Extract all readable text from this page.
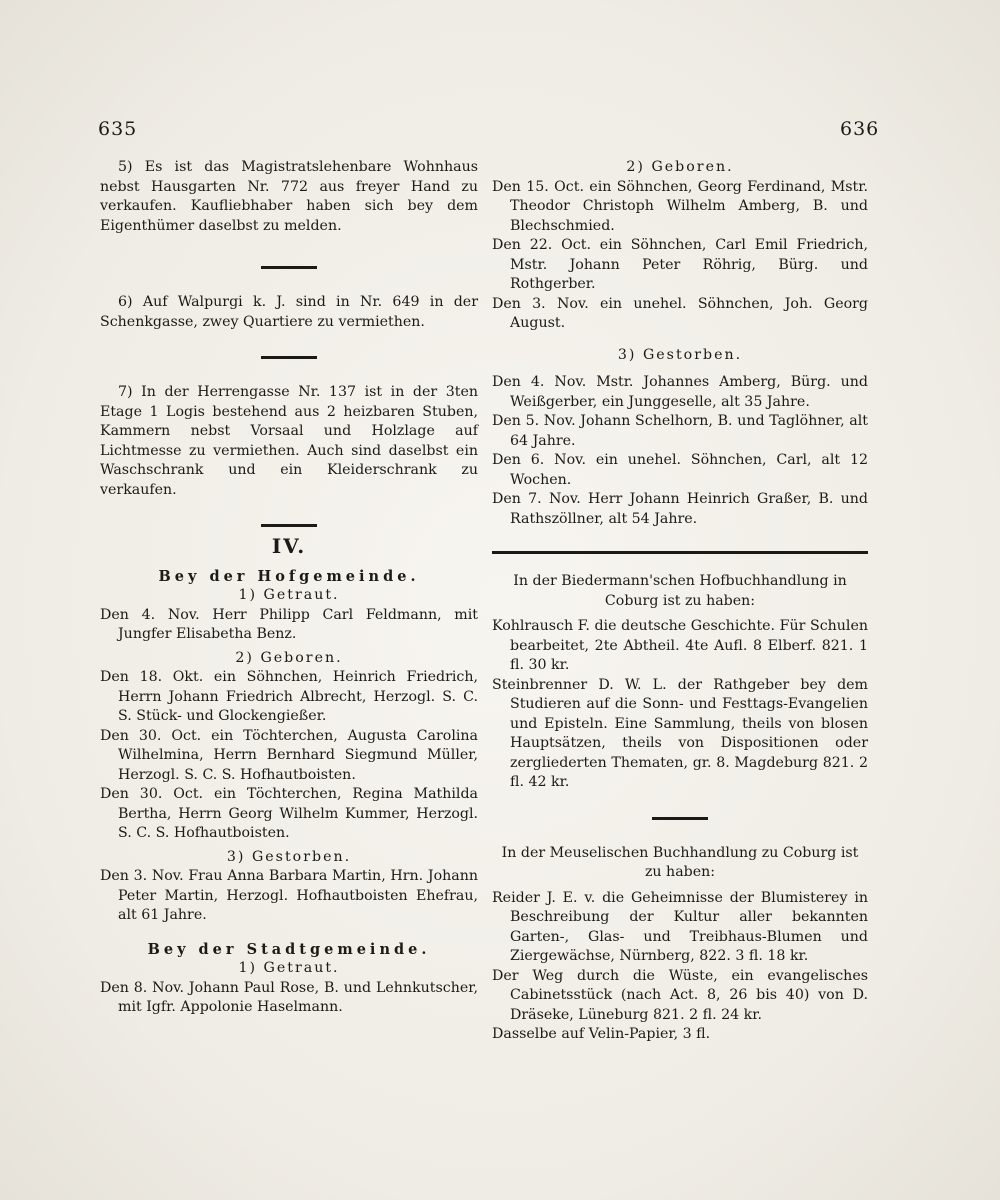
635	636

5) Es ist das Magistratslehenbare Wohnhaus nebst Hausgarten Nr. 772 aus freyer Hand zu verkaufen. Kaufliebhaber haben sich bey dem Eigenthümer daselbst zu melden.

6) Auf Walpurgi k. J. sind in Nr. 649 in der Schenkgasse, zwey Quartiere zu vermiethen.

7) In der Herrengasse Nr. 137 ist in der 3ten Etage 1 Logis bestehend aus 2 heizbaren Stuben, Kammern nebst Vorsaal und Holzlage auf Lichtmesse zu vermiethen. Auch sind daselbst ein Waschschrank und ein Kleiderschrank zu verkaufen.

IV.
Bey der Hofgemeinde.
1) Getraut.

Den 4. Nov. Herr Philipp Carl Feldmann, mit Jungfer Elisabetha Benz.

2) Geboren.

Den 18. Okt. ein Söhnchen, Heinrich Friedrich, Herrn Johann Friedrich Albrecht, Herzogl. S. C. S. Stück- und Glockengießer.

Den 30. Oct. ein Töchterchen, Augusta Carolina Wilhelmina, Herrn Bernhard Siegmund Müller, Herzogl. S. C. S. Hofhautboisten.

Den 30. Oct. ein Töchterchen, Regina Mathilda Bertha, Herrn Georg Wilhelm Kummer, Herzogl. S. C. S. Hofhautboisten.

3) Gestorben.

Den 3. Nov. Frau Anna Barbara Martin, Hrn. Johann Peter Martin, Herzogl. Hofhautboisten Ehefrau, alt 61 Jahre.

Bey der Stadtgemeinde.
1) Getraut.

Den 8. Nov. Johann Paul Rose, B. und Lehnkutscher, mit Igfr. Appolonie Haselmann.

2) Geboren.

Den 15. Oct. ein Söhnchen, Georg Ferdinand, Mstr. Theodor Christoph Wilhelm Amberg, B. und Blechschmied.

Den 22. Oct. ein Söhnchen, Carl Emil Friedrich, Mstr. Johann Peter Röhrig, Bürg. und Rothgerber.

Den 3. Nov. ein unehel. Söhnchen, Joh. Georg August.

3) Gestorben.

Den 4. Nov. Mstr. Johannes Amberg, Bürg. und Weißgerber, ein Junggeselle, alt 35 Jahre.

Den 5. Nov. Johann Schelhorn, B. und Taglöhner, alt 64 Jahre.

Den 6. Nov. ein unehel. Söhnchen, Carl, alt 12 Wochen.

Den 7. Nov. Herr Johann Heinrich Graßer, B. und Rathszöllner, alt 54 Jahre.

In der Biedermann'schen Hofbuchhandlung in Coburg ist zu haben:

Kohlrausch F. die deutsche Geschichte. Für Schulen bearbeitet, 2te Abtheil. 4te Aufl. 8 Elberf. 821. 1 fl. 30 kr.

Steinbrenner D. W. L. der Rathgeber bey dem Studieren auf die Sonn- und Festtags-Evangelien und Episteln. Eine Sammlung, theils von blosen Hauptsätzen, theils von Dispositionen oder zergliederten Thematen, gr. 8. Magdeburg 821. 2 fl. 42 kr.

In der Meuselischen Buchhandlung zu Coburg ist zu haben:

Reider J. E. v. die Geheimnisse der Blumisterey in Beschreibung der Kultur aller bekannten Garten-, Glas- und Treibhaus-Blumen und Ziergewächse, Nürnberg, 822. 3 fl. 18 kr.

Der Weg durch die Wüste, ein evangelisches Cabinetsstück (nach Act. 8, 26 bis 40) von D. Dräseke, Lüneburg 821. 2 fl. 24 kr.

Dasselbe auf Velin-Papier, 3 fl.
